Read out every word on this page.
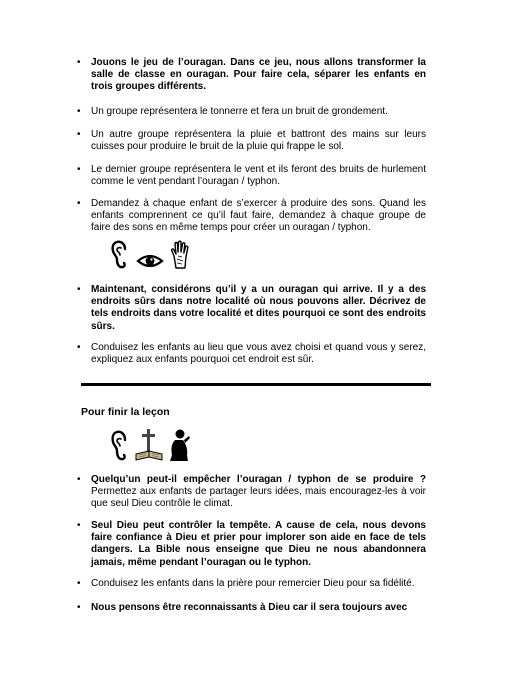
• Jouons le jeu de l’ouragan. Dans ce jeu, nous allons transformer la salle de classe en ouragan. Pour faire cela, séparer les enfants en trois groupes différents.
• Un groupe représentera le tonnerre et fera un bruit de grondement.
• Un autre groupe représentera la pluie et battront des mains sur leurs cuisses pour produire le bruit de la pluie qui frappe le sol.
• Le dernier groupe représentera le vent et ils feront des bruits de hurlement comme le vent pendant l’ouragan / typhon.
• Demandez à chaque enfant de s’exercer à produire des sons. Quand les enfants comprennent ce qu’il faut faire, demandez à chaque groupe de faire des sons en même temps pour créer un ouragan / typhon.
• Maintenant, considérons qu’il y a un ouragan qui arrive. Il y a des endroits sûrs dans notre localité où nous pouvons aller. Décrivez de tels endroits dans votre localité et dites pourquoi ce sont des endroits sûrs.
• Conduisez les enfants au lieu que vous avez choisi et quand vous y serez, expliquez aux enfants pourquoi cet endroit est sûr.
Pour finir la leçon
• Quelqu’un peut-il empêcher l’ouragan / typhon de se produire ? Permettez aux enfants de partager leurs idées, mais encouragez-les à voir que seul Dieu contrôle le climat.
• Seul Dieu peut contrôler la tempête. A cause de cela, nous devons faire confiance à Dieu et prier pour implorer son aide en face de tels dangers. La Bible nous enseigne que Dieu ne nous abandonnera jamais, même pendant l’ouragan ou le typhon.
• Conduisez les enfants dans la prière pour remercier Dieu pour sa fidélité.
• Nous pensons être reconnaissants à Dieu car il sera toujours avec
